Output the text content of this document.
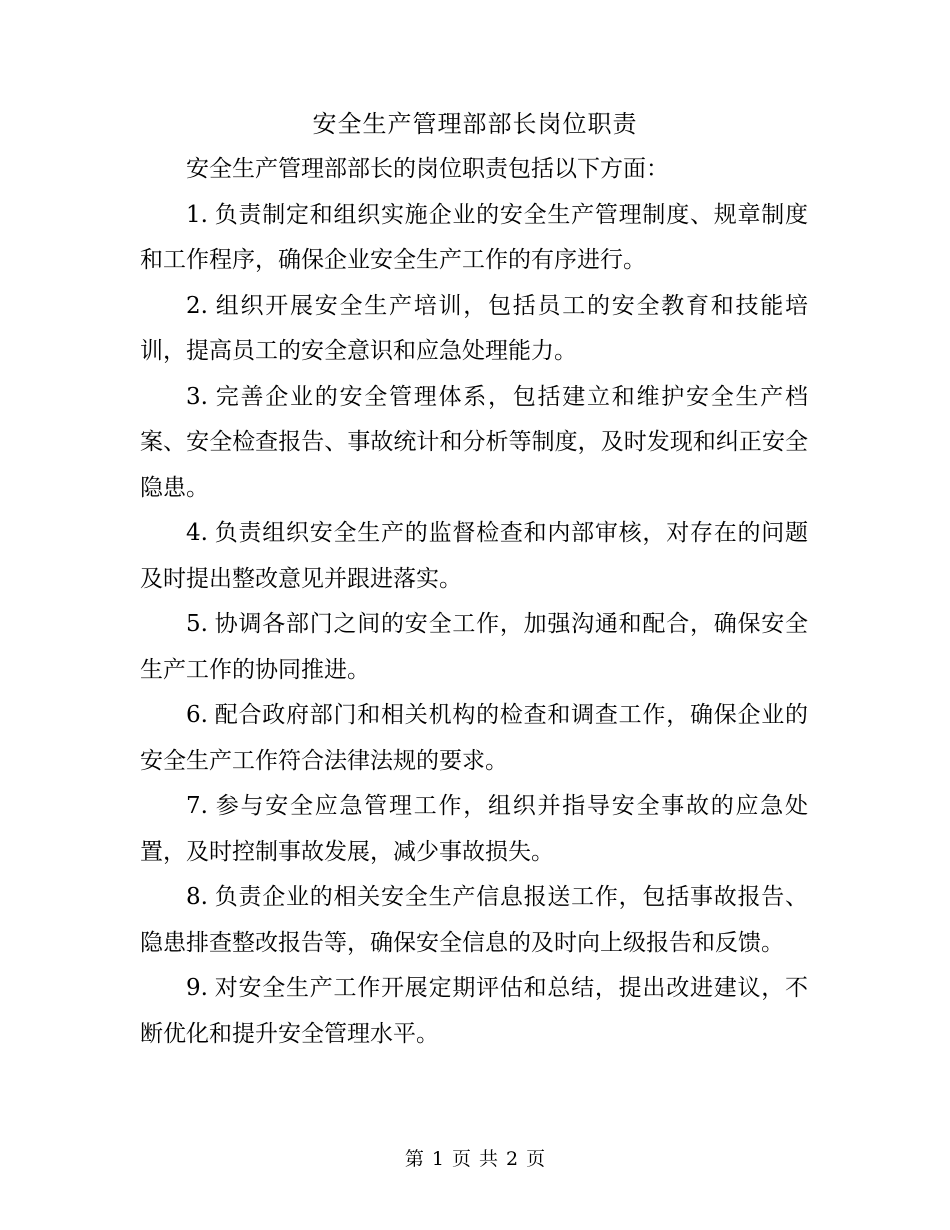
安全生产管理部部长岗位职责

安全生产管理部部长的岗位职责包括以下方面：

1. 负责制定和组织实施企业的安全生产管理制度、规章制度和工作程序，确保企业安全生产工作的有序进行。

2. 组织开展安全生产培训，包括员工的安全教育和技能培训，提高员工的安全意识和应急处理能力。

3. 完善企业的安全管理体系，包括建立和维护安全生产档案、安全检查报告、事故统计和分析等制度，及时发现和纠正安全隐患。

4. 负责组织安全生产的监督检查和内部审核，对存在的问题及时提出整改意见并跟进落实。

5. 协调各部门之间的安全工作，加强沟通和配合，确保安全生产工作的协同推进。

6. 配合政府部门和相关机构的检查和调查工作，确保企业的安全生产工作符合法律法规的要求。

7. 参与安全应急管理工作，组织并指导安全事故的应急处置，及时控制事故发展，减少事故损失。

8. 负责企业的相关安全生产信息报送工作，包括事故报告、隐患排查整改报告等，确保安全信息的及时向上级报告和反馈。

9. 对安全生产工作开展定期评估和总结，提出改进建议，不断优化和提升安全管理水平。

第 1 页 共 2 页
